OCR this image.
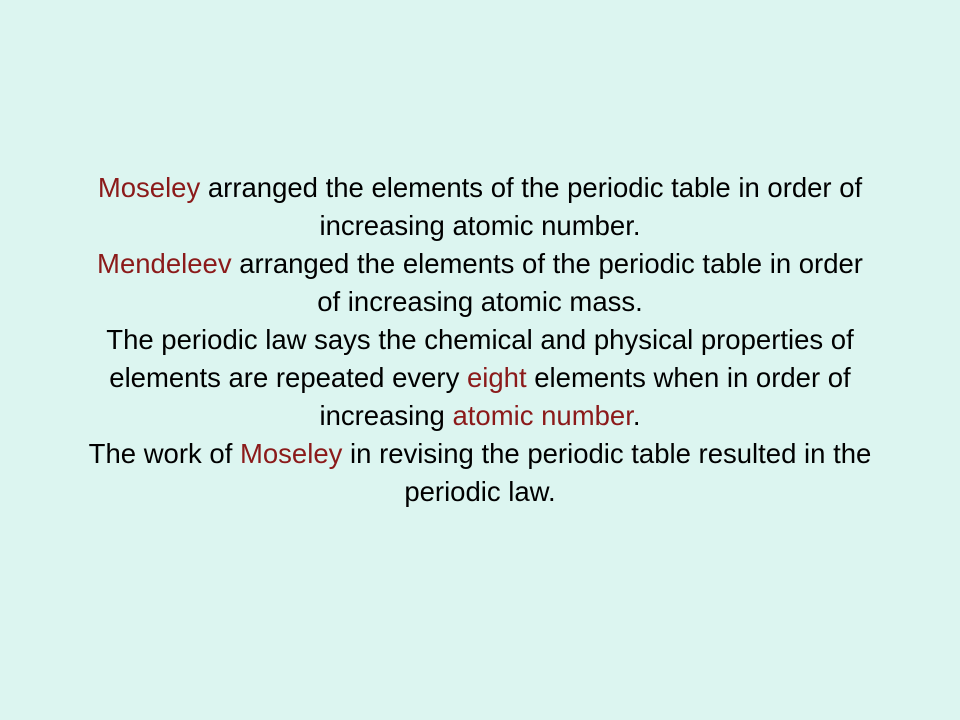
Moseley arranged the elements of the periodic table in order of increasing atomic number.

Mendeleev arranged the elements of the periodic table in order of increasing atomic mass.

The periodic law says the chemical and physical properties of elements are repeated every eight elements when in order of increasing atomic number.

The work of Moseley in revising the periodic table resulted in the periodic law.
